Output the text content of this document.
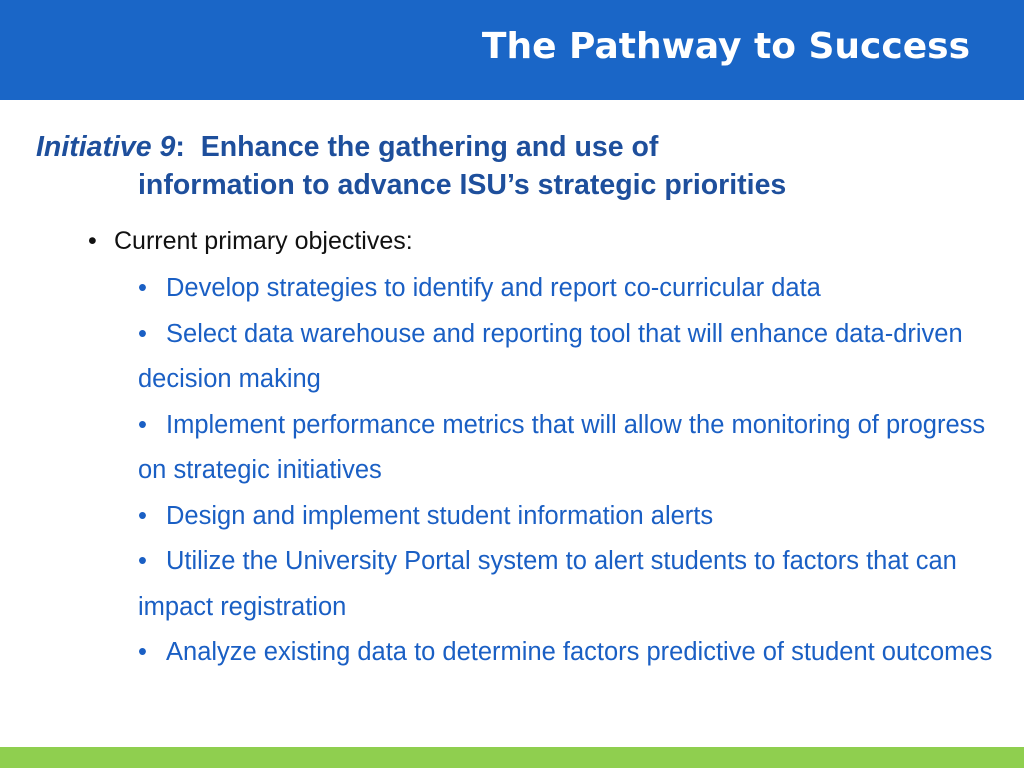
The Pathway to Success

Initiative 9: Enhance the gathering and use of
information to advance ISU’s strategic priorities

• Current primary objectives:

• Develop strategies to identify and report co-curricular data
• Select data warehouse and reporting tool that will enhance data-driven decision making
• Implement performance metrics that will allow the monitoring of progress on strategic initiatives
• Design and implement student information alerts
• Utilize the University Portal system to alert students to factors that can impact registration
• Analyze existing data to determine factors predictive of student outcomes
